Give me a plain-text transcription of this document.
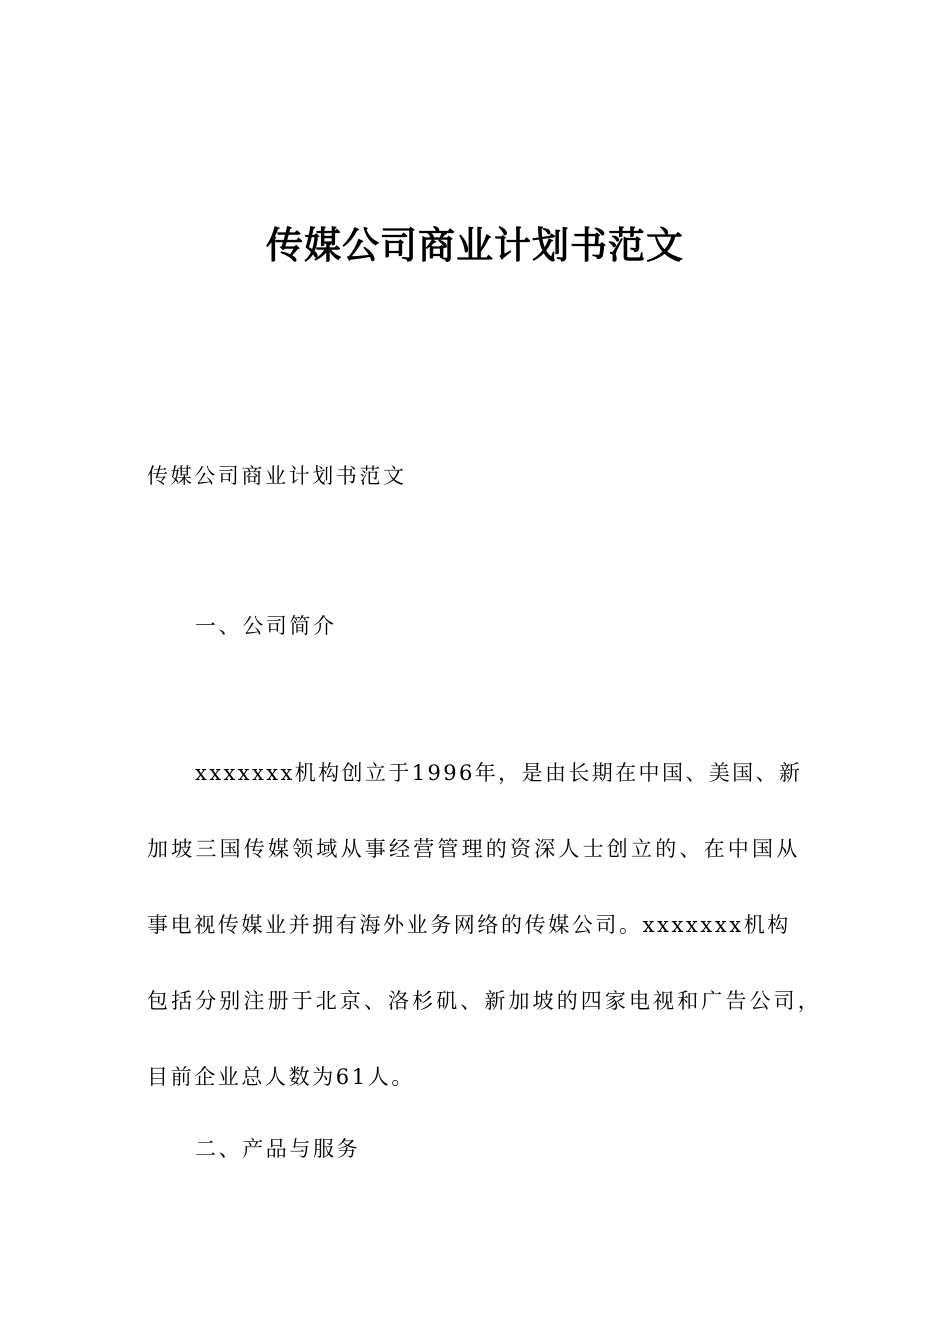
传媒公司商业计划书范文
传媒公司商业计划书范文
一、公司简介
xxxxxxx机构创立于1996年，是由长期在中国、美国、新
加坡三国传媒领域从事经营管理的资深人士创立的、在中国从
事电视传媒业并拥有海外业务网络的传媒公司。xxxxxxx机构
包括分别注册于北京、洛杉矶、新加坡的四家电视和广告公司，
目前企业总人数为61人。
二、产品与服务
